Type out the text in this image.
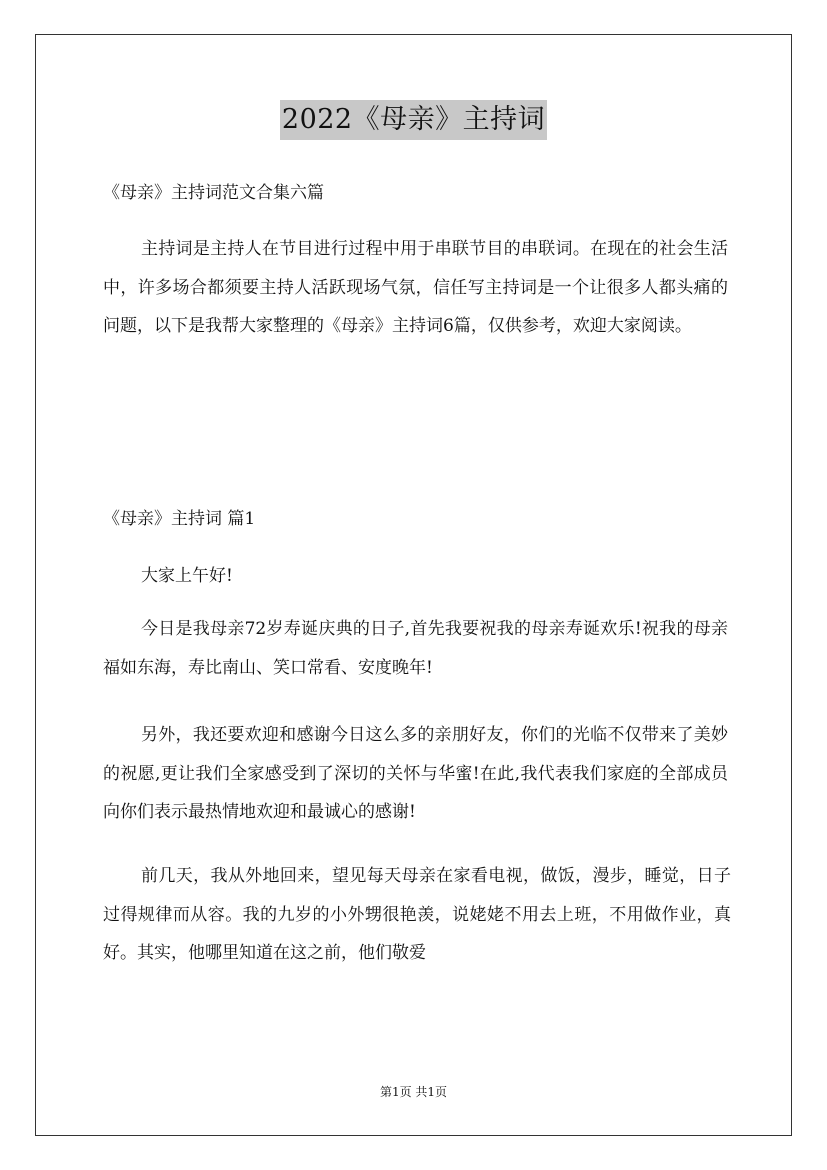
2022《母亲》主持词
《母亲》主持词范文合集六篇

主持词是主持人在节目进行过程中用于串联节目的串联词。在现在的社会生活中，许多场合都须要主持人活跃现场气氛，信任写主持词是一个让很多人都头痛的问题，以下是我帮大家整理的《母亲》主持词6篇，仅供参考，欢迎大家阅读。

《母亲》主持词 篇1

大家上午好!

今日是我母亲72岁寿诞庆典的日子,首先我要祝我的母亲寿诞欢乐!祝我的母亲福如东海，寿比南山、笑口常看、安度晚年!

另外，我还要欢迎和感谢今日这么多的亲朋好友，你们的光临不仅带来了美妙的祝愿,更让我们全家感受到了深切的关怀与华蜜!在此,我代表我们家庭的全部成员向你们表示最热情地欢迎和最诚心的感谢!

前几天，我从外地回来，望见每天母亲在家看电视，做饭，漫步，睡觉，日子过得规律而从容。我的九岁的小外甥很艳羡，说姥姥不用去上班，不用做作业，真好。其实，他哪里知道在这之前，他们敬爱

第1页 共1页
